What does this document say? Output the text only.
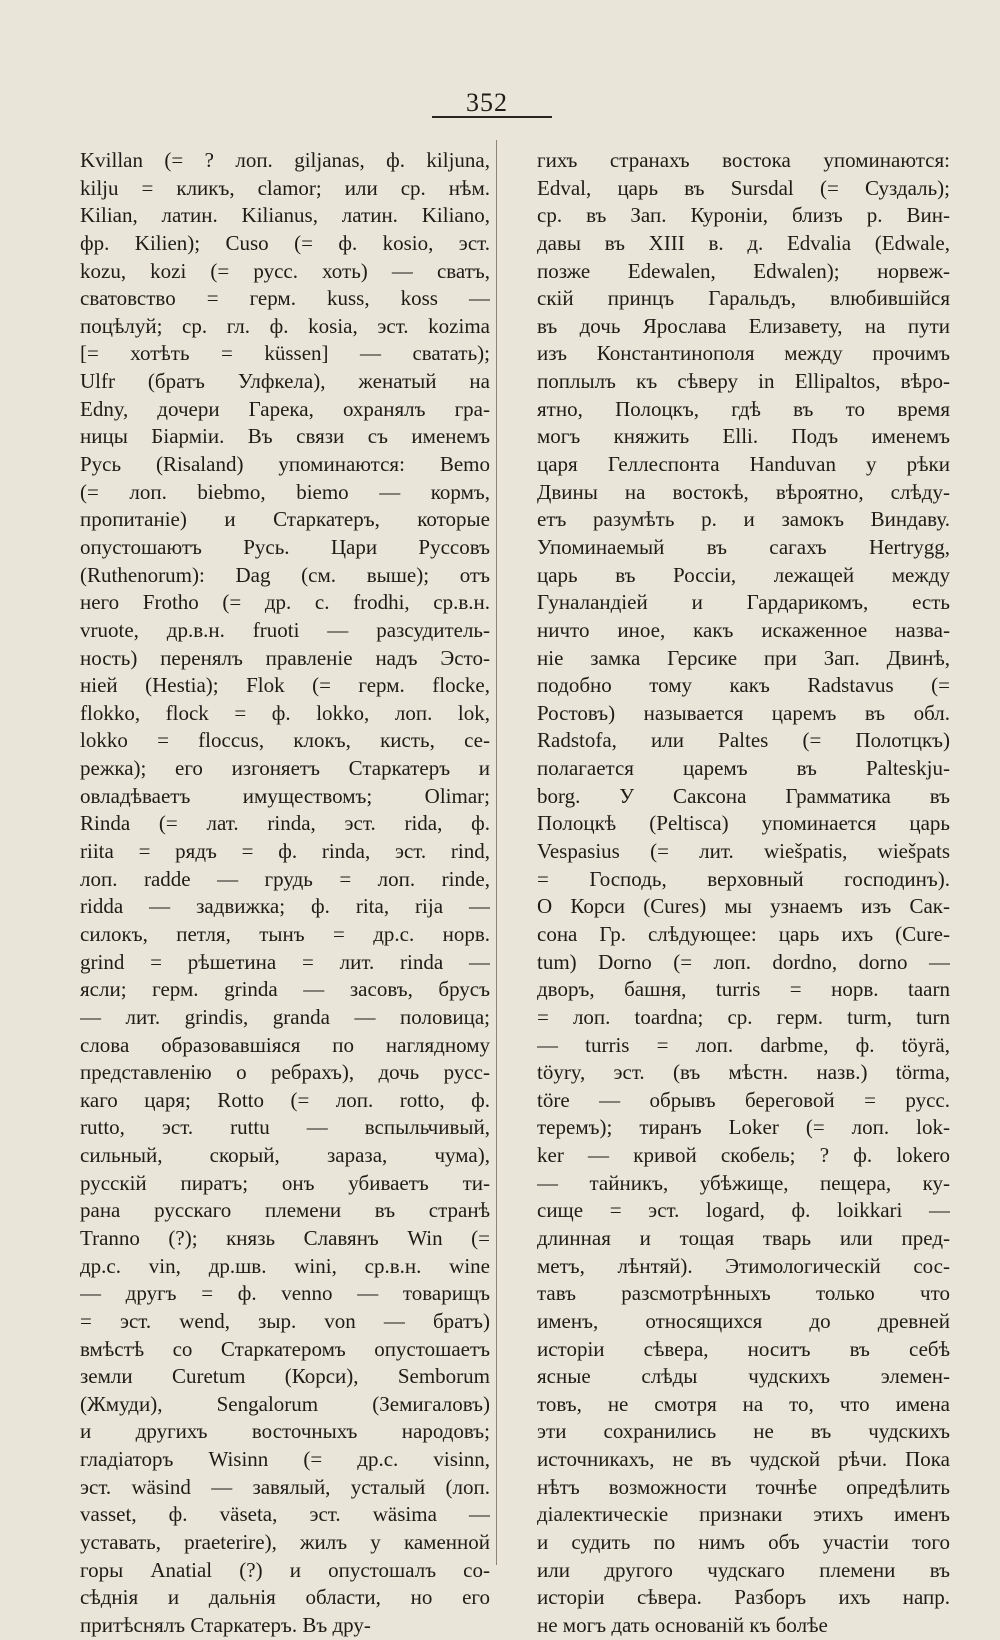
352
Kvillan (= ? лоп. giljanas, ф. kiljuna,
kilju = кликъ, clamor; или ср. нѣм.
Kilian, латин. Kilianus, латин. Kiliano,
фр. Kilien); Cuso (= ф. kosio, эст.
kozu, kozi (= русс. хоть) — сватъ,
сватовство = герм. kuss, koss —
поцѣлуй; ср. гл. ф. kosia, эст. kozima
[= хотѣть = küssen] — сватать);
Ulfr (братъ Улфкела), женатый на
Edny, дочери Гарека, охранялъ гра-
ницы Біарміи. Въ связи съ именемъ
Русь (Risaland) упоминаются: Bemo
(= лоп. biebmo, biemo — кормъ,
пропитаніе) и Старкатеръ, которые
опустошаютъ Русь. Цари Руссовъ
(Ruthenorum): Dag (см. выше); отъ
него Frotho (= др. с. frodhi, ср.в.н.
vruote, др.в.н. fruoti — разсудитель-
ность) перенялъ правленіе надъ Эсто-
ніей (Hestia); Flok (= герм. flocke,
flokko, flock = ф. lokko, лоп. lok,
lokko = floccus, клокъ, кисть, се-
режка); его изгоняетъ Старкатеръ и
овладѣваетъ имуществомъ; Olimar;
Rinda (= лат. rinda, эст. rida, ф.
riita = рядъ = ф. rinda, эст. rind,
лоп. radde — грудь = лоп. rinde,
ridda — задвижка; ф. rita, rija —
силокъ, петля, тынъ = др.с. норв.
grind = рѣшетина = лит. rinda —
ясли; герм. grinda — засовъ, брусъ
— лит. grindis, granda — половица;
слова образовавшіяся по наглядному
представленію о ребрахъ), дочь русс-
каго царя; Rotto (= лоп. rotto, ф.
rutto, эст. ruttu — вспыльчивый,
сильный, скорый, зараза, чума),
русскій пиратъ; онъ убиваетъ ти-
рана русскаго племени въ странѣ
Tranno (?); князь Славянъ Win (=
др.с. vin, др.шв. wini, ср.в.н. wine
— другъ = ф. venno — товарищъ
= эст. wend, зыр. von — братъ)
вмѣстѣ со Старкатеромъ опустошаетъ
земли Curetum (Корси), Semborum
(Жмуди), Sengalorum (Земигаловъ)
и другихъ восточныхъ народовъ;
гладіаторъ Wisinn (= др.с. visinn,
эст. wäsind — завялый, усталый (лоп.
vasset, ф. väseta, эст. wäsima —
уставать, praeterire), жилъ у каменной
горы Anatial (?) и опустошалъ со-
сѣднія и дальнія области, но его
притѣснялъ Старкатеръ. Въ дру-
гихъ странахъ востока упоминаются:
Edval, царь въ Sursdal (= Суздаль);
ср. въ Зап. Куроніи, близъ р. Вин-
давы въ XIII в. д. Edvalia (Edwale,
позже Edewalen, Edwalen); норвеж-
скій принцъ Гаральдъ, влюбившійся
въ дочь Ярослава Елизавету, на пути
изъ Константинополя между прочимъ
поплылъ къ сѣверу in Ellipaltos, вѣро-
ятно, Полоцкъ, гдѣ въ то время
могъ княжить Elli. Подъ именемъ
царя Геллеспонта Handuvan у рѣки
Двины на востокѣ, вѣроятно, слѣду-
етъ разумѣть р. и замокъ Виндаву.
Упоминаемый въ сагахъ Hertrygg,
царь въ Россіи, лежащей между
Гуналандіей и Гардарикомъ, есть
ничто иное, какъ искаженное назва-
ніе замка Герсике при Зап. Двинѣ,
подобно тому какъ Radstavus (=
Ростовъ) называется царемъ въ обл.
Radstofa, или Paltes (= Полотцкъ)
полагается царемъ въ Palteskju-
borg. У Саксона Грамматика въ
Полоцкѣ (Peltisca) упоминается царь
Vespasius (= лит. wiešpatis, wiešpats
= Господь, верховный господинъ).
О Корси (Cures) мы узнаемъ изъ Сак-
сона Гр. слѣдующее: царь ихъ (Cure-
tum) Dorno (= лоп. dordno, dorno —
дворъ, башня, turris = норв. taarn
= лоп. toardna; ср. герм. turm, turn
— turris = лоп. darbme, ф. töyrä,
töyry, эст. (въ мѣстн. назв.) törma,
töre — обрывъ береговой = русс.
теремъ); тиранъ Loker (= лоп. lok-
ker — кривой скобель; ? ф. lokero
— тайникъ, убѣжище, пещера, ку-
сище = эст. logard, ф. loikkari —
длинная и тощая тварь или пред-
метъ, лѣнтяй). Этимологическій сос-
тавъ разсмотрѣнныхъ только что
именъ, относящихся до древней
исторіи сѣвера, носитъ въ себѣ
ясные слѣды чудскихъ элемен-
товъ, не смотря на то, что имена
эти сохранились не въ чудскихъ
источникахъ, не въ чудской рѣчи. Пока
нѣтъ возможности точнѣе опредѣлить
діалектическіе признаки этихъ именъ
и судить по нимъ объ участіи того
или другого чудскаго племени въ
исторіи сѣвера. Разборъ ихъ напр.
не могъ дать основаній къ болѣе
